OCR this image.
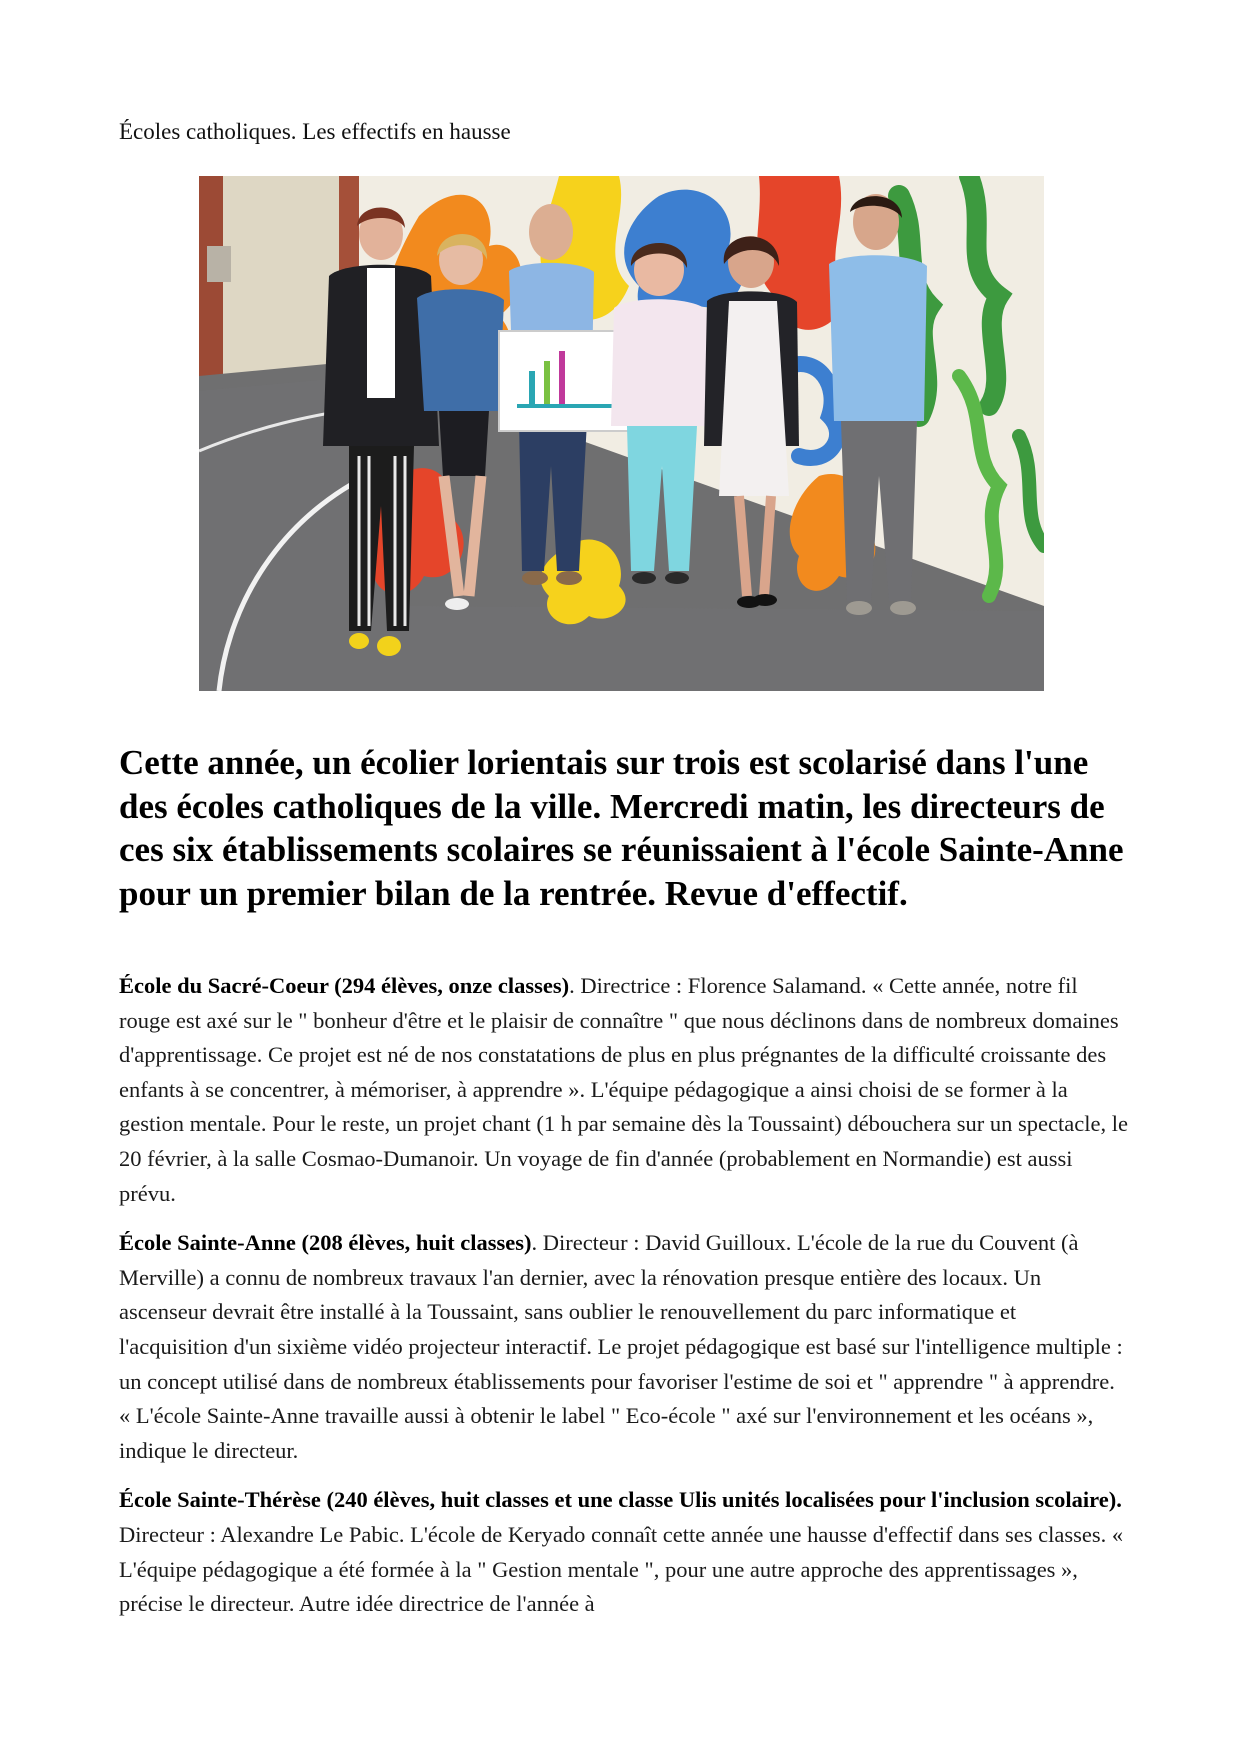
Écoles catholiques. Les effectifs en hausse
Cette année, un écolier lorientais sur trois est scolarisé dans l'une des écoles catholiques de la ville. Mercredi matin, les directeurs de ces six établissements scolaires se réunissaient à l'école Sainte-Anne pour un premier bilan de la rentrée. Revue d'effectif.

École du Sacré-Coeur (294 élèves, onze classes). Directrice : Florence Salamand. « Cette année, notre fil rouge est axé sur le " bonheur d'être et le plaisir de connaître " que nous déclinons dans de nombreux domaines d'apprentissage. Ce projet est né de nos constatations de plus en plus prégnantes de la difficulté croissante des enfants à se concentrer, à mémoriser, à apprendre ». L'équipe pédagogique a ainsi choisi de se former à la gestion mentale. Pour le reste, un projet chant (1 h par semaine dès la Toussaint) débouchera sur un spectacle, le 20 février, à la salle Cosmao-Dumanoir. Un voyage de fin d'année (probablement en Normandie) est aussi prévu.

École Sainte-Anne (208 élèves, huit classes). Directeur : David Guilloux. L'école de la rue du Couvent (à Merville) a connu de nombreux travaux l'an dernier, avec la rénovation presque entière des locaux. Un ascenseur devrait être installé à la Toussaint, sans oublier le renouvellement du parc informatique et l'acquisition d'un sixième vidéo projecteur interactif. Le projet pédagogique est basé sur l'intelligence multiple : un concept utilisé dans de nombreux établissements pour favoriser l'estime de soi et " apprendre " à apprendre. « L'école Sainte-Anne travaille aussi à obtenir le label " Eco-école " axé sur l'environnement et les océans », indique le directeur.

École Sainte-Thérèse (240 élèves, huit classes et une classe Ulis unités localisées pour l'inclusion scolaire). Directeur : Alexandre Le Pabic. L'école de Keryado connaît cette année une hausse d'effectif dans ses classes. « L'équipe pédagogique a été formée à la " Gestion mentale ", pour une autre approche des apprentissages », précise le directeur. Autre idée directrice de l'année à
